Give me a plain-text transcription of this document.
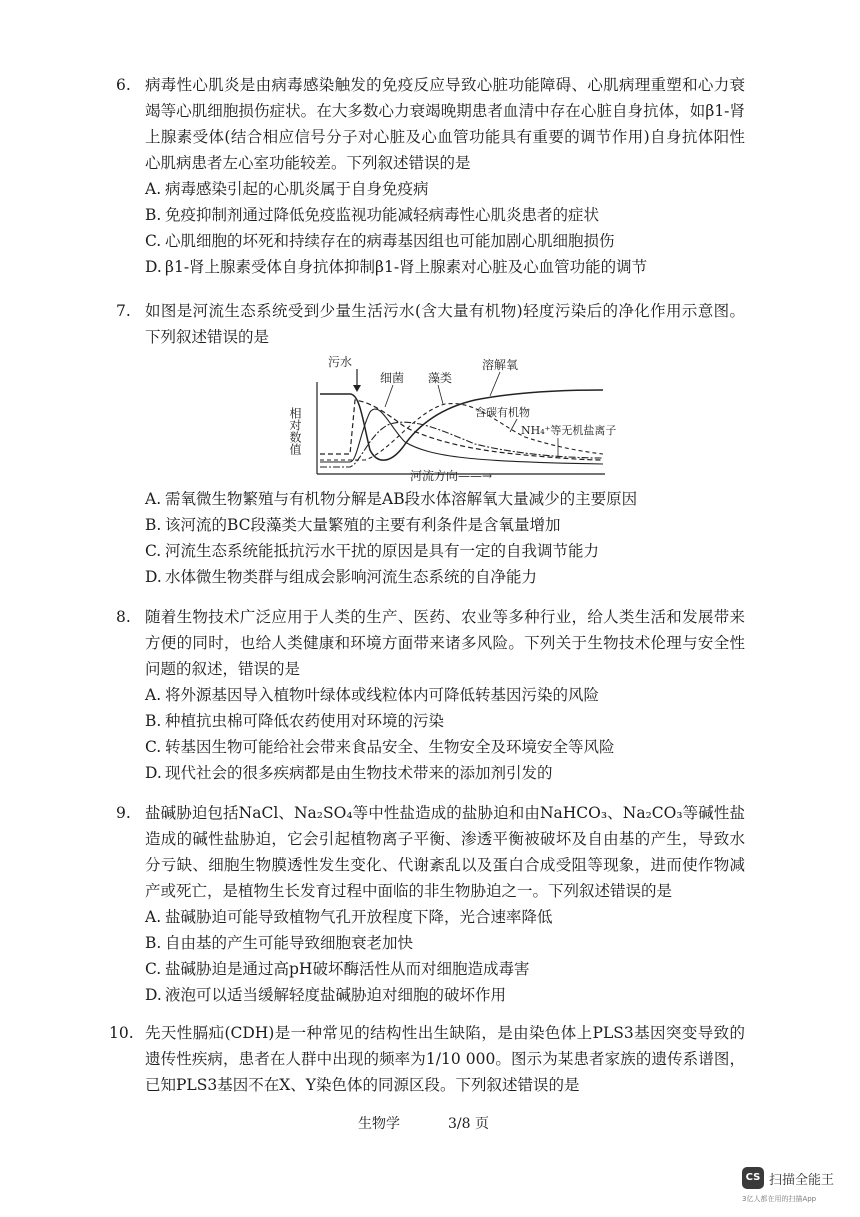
6. 病毒性心肌炎是由病毒感染触发的免疫反应导致心脏功能障碍、心肌病理重塑和心力衰竭等心肌细胞损伤症状。在大多数心力衰竭晚期患者血清中存在心脏自身抗体，如β1-肾上腺素受体(结合相应信号分子对心脏及心血管功能具有重要的调节作用)自身抗体阳性心肌病患者左心室功能较差。下列叙述错误的是

A. 病毒感染引起的心肌炎属于自身免疫病

B. 免疫抑制剂通过降低免疫监视功能减轻病毒性心肌炎患者的症状

C. 心肌细胞的坏死和持续存在的病毒基因组也可能加剧心肌细胞损伤

D. β1-肾上腺素受体自身抗体抑制β1-肾上腺素对心脏及心血管功能的调节

7. 如图是河流生态系统受到少量生活污水(含大量有机物)轻度污染后的净化作用示意图。下列叙述错误的是

相对数值
污水
细菌 藻类
溶解氧
含碳有机物
NH₄⁺等无机盐离子
河流方向——→

A. 需氧微生物繁殖与有机物分解是AB段水体溶解氧大量减少的主要原因

B. 该河流的BC段藻类大量繁殖的主要有利条件是含氧量增加

C. 河流生态系统能抵抗污水干扰的原因是具有一定的自我调节能力

D. 水体微生物类群与组成会影响河流生态系统的自净能力

8. 随着生物技术广泛应用于人类的生产、医药、农业等多种行业，给人类生活和发展带来方便的同时，也给人类健康和环境方面带来诸多风险。下列关于生物技术伦理与安全性问题的叙述，错误的是

A. 将外源基因导入植物叶绿体或线粒体内可降低转基因污染的风险

B. 种植抗虫棉可降低农药使用对环境的污染

C. 转基因生物可能给社会带来食品安全、生物安全及环境安全等风险

D. 现代社会的很多疾病都是由生物技术带来的添加剂引发的

9. 盐碱胁迫包括NaCl、Na₂SO₄等中性盐造成的盐胁迫和由NaHCO₃、Na₂CO₃等碱性盐造成的碱性盐胁迫，它会引起植物离子平衡、渗透平衡被破坏及自由基的产生，导致水分亏缺、细胞生物膜透性发生变化、代谢紊乱以及蛋白合成受阻等现象，进而使作物减产或死亡，是植物生长发育过程中面临的非生物胁迫之一。下列叙述错误的是

A. 盐碱胁迫可能导致植物气孔开放程度下降，光合速率降低

B. 自由基的产生可能导致细胞衰老加快

C. 盐碱胁迫是通过高pH破坏酶活性从而对细胞造成毒害

D. 液泡可以适当缓解轻度盐碱胁迫对细胞的破坏作用

10. 先天性膈疝(CDH)是一种常见的结构性出生缺陷，是由染色体上PLS3基因突变导致的遗传性疾病，患者在人群中出现的频率为1/10 000。图示为某患者家族的遗传系谱图，已知PLS3基因不在X、Y染色体的同源区段。下列叙述错误的是

生物学	3/8 页
CS 扫描全能王
3亿人都在用的扫描App
